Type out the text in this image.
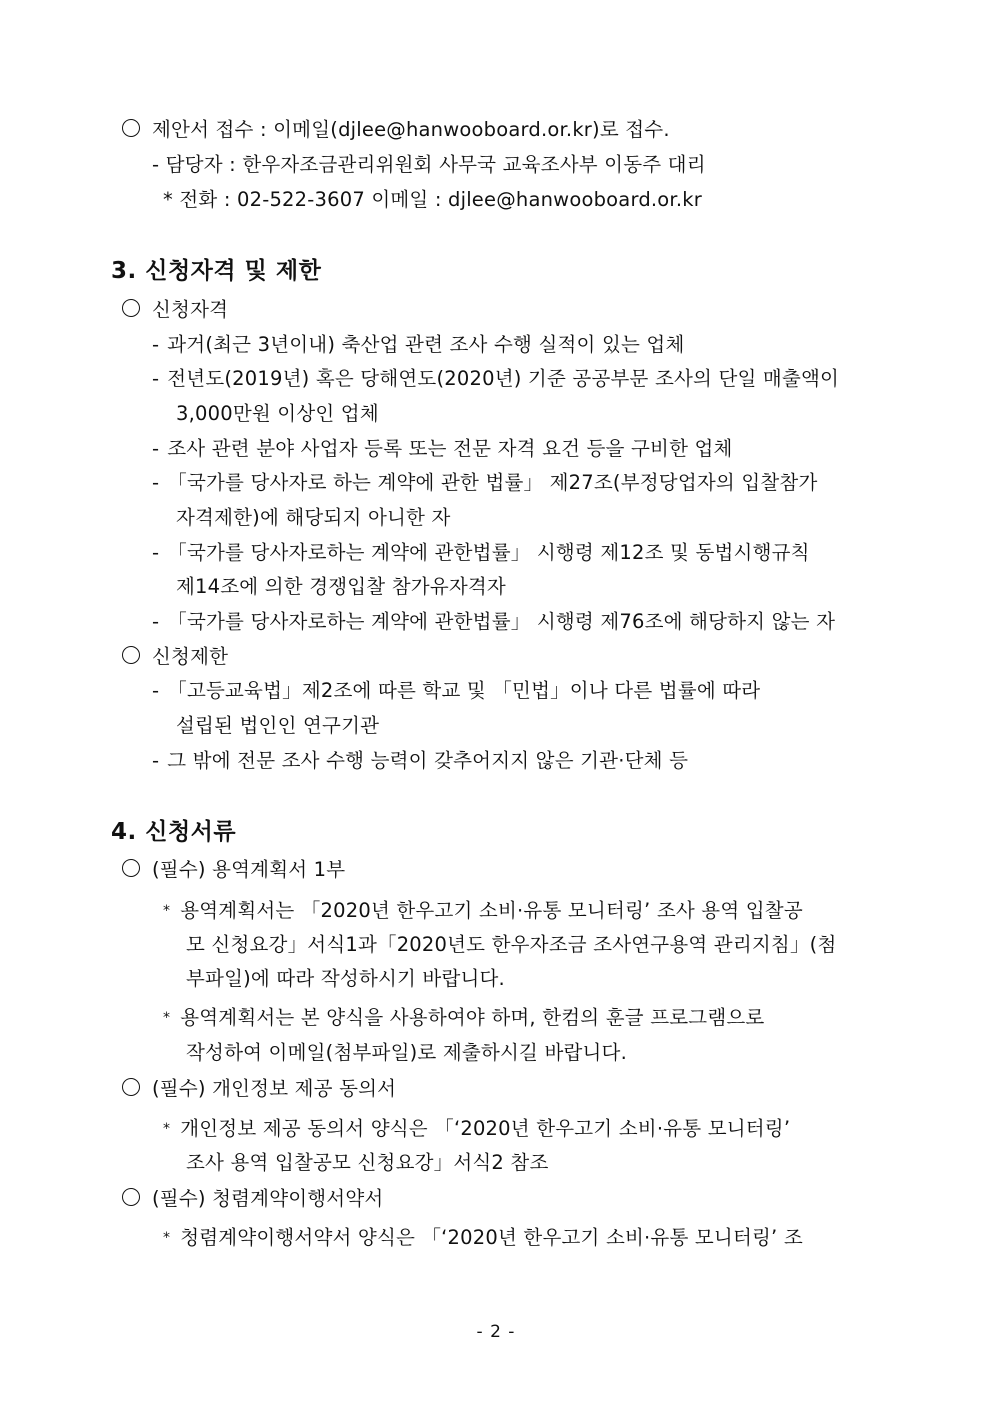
제안서 접수 : 이메일(djlee@hanwooboard.or.kr)로 접수.
- 담당자 : 한우자조금관리위원회 사무국 교육조사부 이동주 대리
* 전화 : 02-522-3607 이메일 : djlee@hanwooboard.or.kr
3. 신청자격 및 제한
신청자격
- 과거(최근 3년이내) 축산업 관련 조사 수행 실적이 있는 업체
- 전년도(2019년) 혹은 당해연도(2020년) 기준 공공부문 조사의 단일 매출액이
3,000만원 이상인 업체
- 조사 관련 분야 사업자 등록 또는 전문 자격 요건 등을 구비한 업체
- 「국가를 당사자로 하는 계약에 관한 법률」 제27조(부정당업자의 입찰참가
자격제한)에 해당되지 아니한 자
- 「국가를 당사자로하는 계약에 관한법률」 시행령 제12조 및 동법시행규칙
제14조에 의한 경쟁입찰 참가유자격자
- 「국가를 당사자로하는 계약에 관한법률」 시행령 제76조에 해당하지 않는 자
신청제한
- 「고등교육법」제2조에 따른 학교 및 「민법」이나 다른 법률에 따라
설립된 법인인 연구기관
- 그 밖에 전문 조사 수행 능력이 갖추어지지 않은 기관·단체 등
4. 신청서류
(필수) 용역계획서 1부
* 용역계획서는 「2020년 한우고기 소비·유통 모니터링’ 조사 용역 입찰공
모 신청요강」서식1과「2020년도 한우자조금 조사연구용역 관리지침」(첨
부파일)에 따라 작성하시기 바랍니다.
* 용역계획서는 본 양식을 사용하여야 하며, 한컴의 훈글 프로그램으로
작성하여 이메일(첨부파일)로 제출하시길 바랍니다.
(필수) 개인정보 제공 동의서
* 개인정보 제공 동의서 양식은 「‘2020년 한우고기 소비·유통 모니터링’
조사 용역 입찰공모 신청요강」서식2 참조
(필수) 청렴계약이행서약서
* 청렴계약이행서약서 양식은 「‘2020년 한우고기 소비·유통 모니터링’ 조
- 2 -
